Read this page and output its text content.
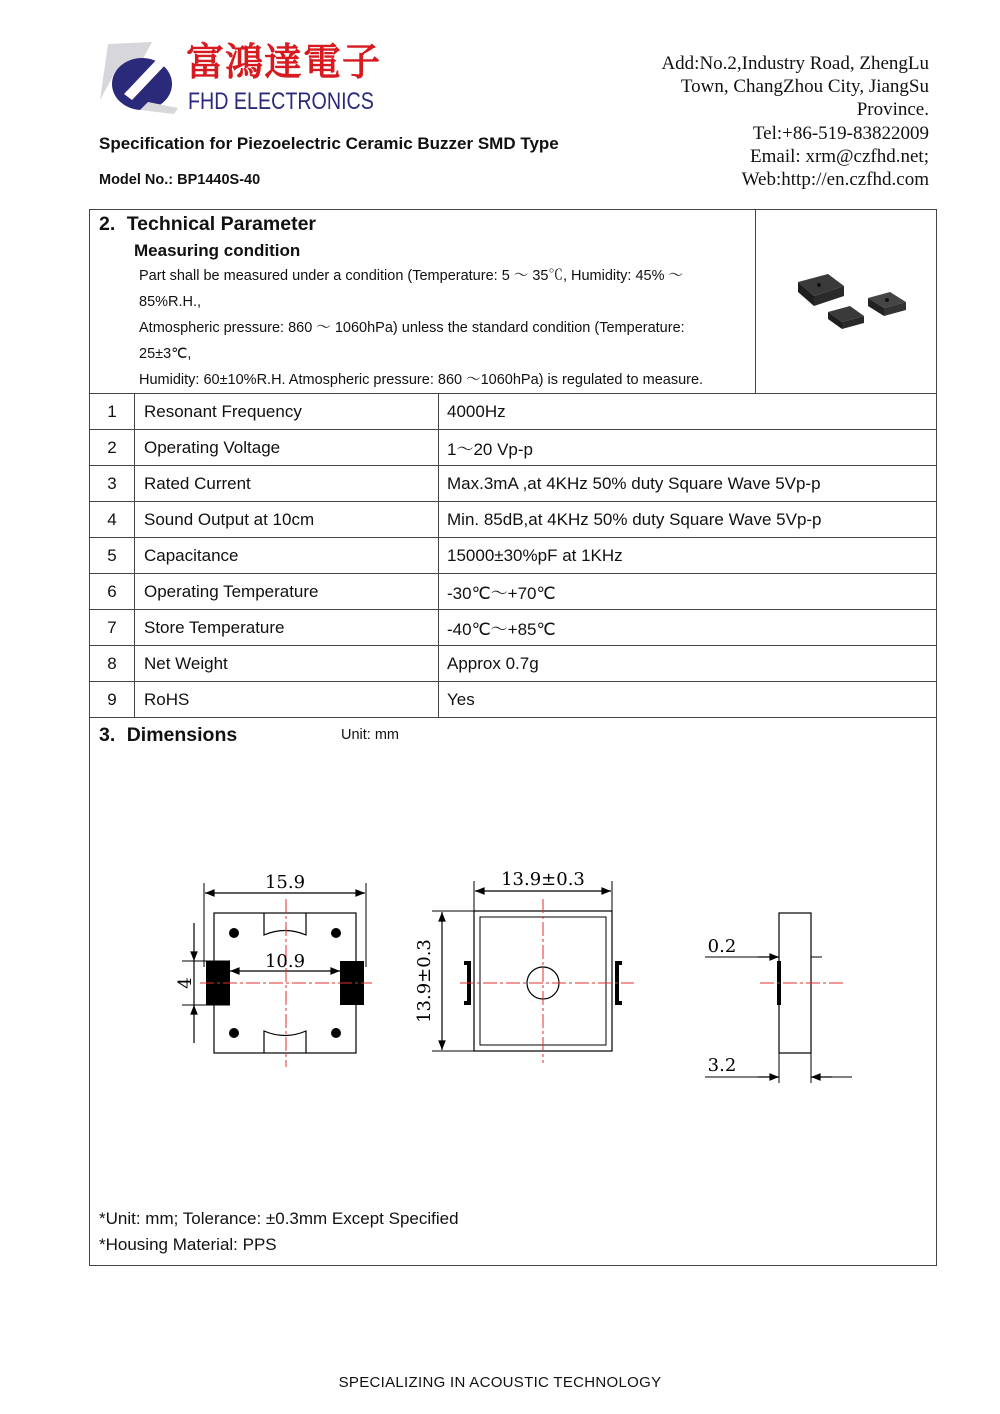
富鴻達電子
FHD ELECTRONICS
Specification for Piezoelectric Ceramic Buzzer SMD Type
Model No.: BP1440S-40
Add:No.2,Industry Road, ZhengLu
Town, ChangZhou City, JiangSu
Province.
Tel:+86-519-83822009
Email: xrm@czfhd.net;
Web:http://en.czfhd.com
2. Technical Parameter
Measuring condition
Part shall be measured under a condition (Temperature: 5 ～ 35℃, Humidity: 45% ～
85%R.H.,
Atmospheric pressure: 860 ～ 1060hPa) unless the standard condition (Temperature:
25±3℃,
Humidity: 60±10%R.H. Atmospheric pressure: 860 ～1060hPa) is regulated to measure.
1	Resonant Frequency	4000Hz
2	Operating Voltage	1～20 Vp-p
3	Rated Current	Max.3mA ,at 4KHz 50% duty Square Wave 5Vp-p
4	Sound Output at 10cm	Min. 85dB,at 4KHz 50% duty Square Wave 5Vp-p
5	Capacitance	15000±30%pF at 1KHz
6	Operating Temperature	-30℃～+70℃
7	Store Temperature	-40℃～+85℃
8	Net Weight	Approx 0.7g
9	RoHS	Yes
3. Dimensions	Unit: mm
15.9
10.9
4
13.9±0.3
13.9±0.3	0.2
3.2
*Unit: mm; Tolerance: ±0.3mm Except Specified
*Housing Material: PPS
SPECIALIZING IN ACOUSTIC TECHNOLOGY
